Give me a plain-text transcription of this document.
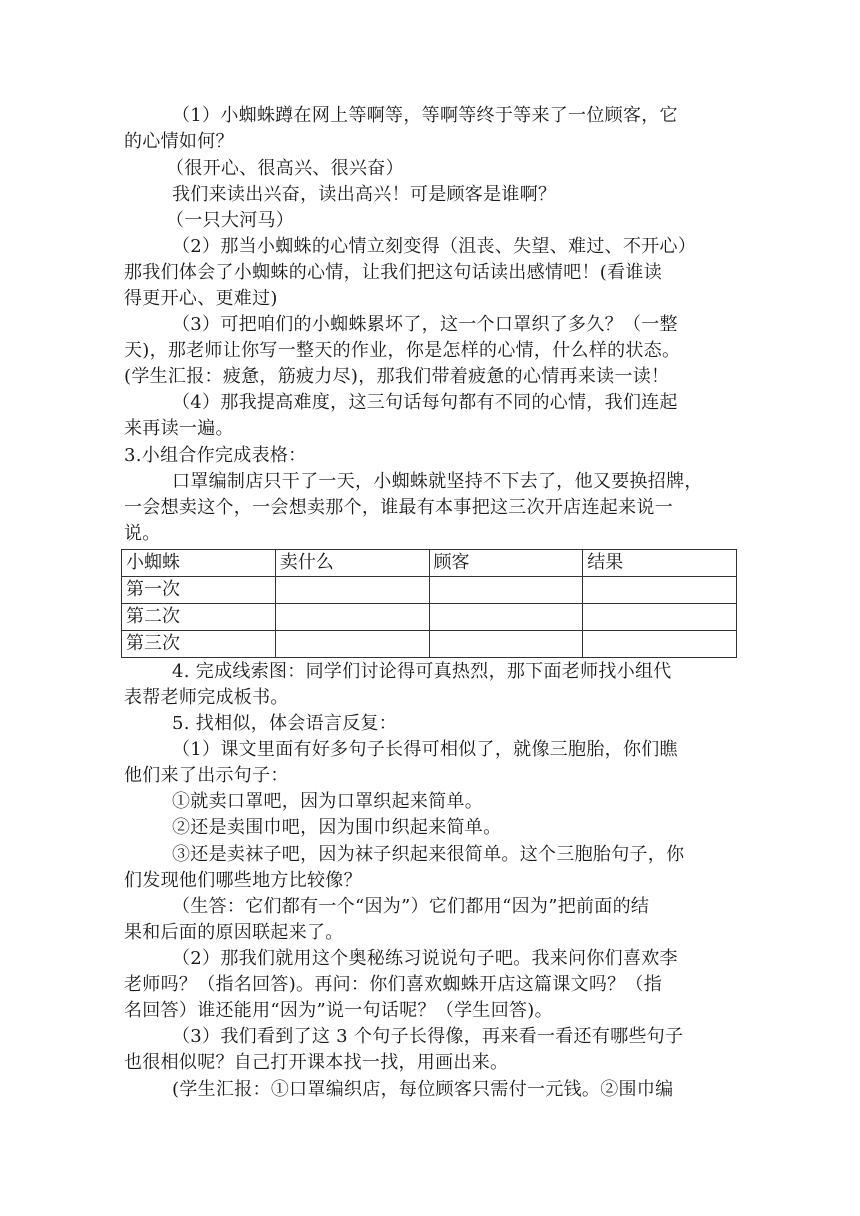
（1）小蜘蛛蹲在网上等啊等，等啊等终于等来了一位顾客，它
的心情如何？
（很开心、很高兴、很兴奋）
我们来读出兴奋，读出高兴！可是顾客是谁啊？
（一只大河马）
（2）那当小蜘蛛的心情立刻变得（沮丧、失望、难过、不开心）
那我们体会了小蜘蛛的心情，让我们把这句话读出感情吧！(看谁读
得更开心、更难过)
（3）可把咱们的小蜘蛛累坏了，这一个口罩织了多久？（一整
天)，那老师让你写一整天的作业，你是怎样的心情，什么样的状态。
(学生汇报：疲惫，筋疲力尽)，那我们带着疲惫的心情再来读一读！
（4）那我提高难度，这三句话每句都有不同的心情，我们连起
来再读一遍。
3.小组合作完成表格：
口罩编制店只干了一天，小蜘蛛就坚持不下去了，他又要换招牌，
一会想卖这个，一会想卖那个，谁最有本事把这三次开店连起来说一
说。
小蜘蛛	卖什么	顾客	结果
第一次			
第二次			
第三次			
4. 完成线索图：同学们讨论得可真热烈，那下面老师找小组代
表帮老师完成板书。
5. 找相似，体会语言反复：
（1）课文里面有好多句子长得可相似了，就像三胞胎，你们瞧
他们来了出示句子：
①就卖口罩吧，因为口罩织起来简单。
②还是卖围巾吧，因为围巾织起来简单。
③还是卖袜子吧，因为袜子织起来很简单。这个三胞胎句子，你
们发现他们哪些地方比较像？
（生答：它们都有一个“因为”）它们都用“因为”把前面的结
果和后面的原因联起来了。
（2）那我们就用这个奥秘练习说说句子吧。我来问你们喜欢李
老师吗？（指名回答)。再问：你们喜欢蜘蛛开店这篇课文吗？（指
名回答）谁还能用“因为”说一句话呢？（学生回答)。
（3）我们看到了这 3 个句子长得像，再来看一看还有哪些句子
也很相似呢？自己打开课本找一找，用画出来。
(学生汇报：①口罩编织店，每位顾客只需付一元钱。②围巾编
